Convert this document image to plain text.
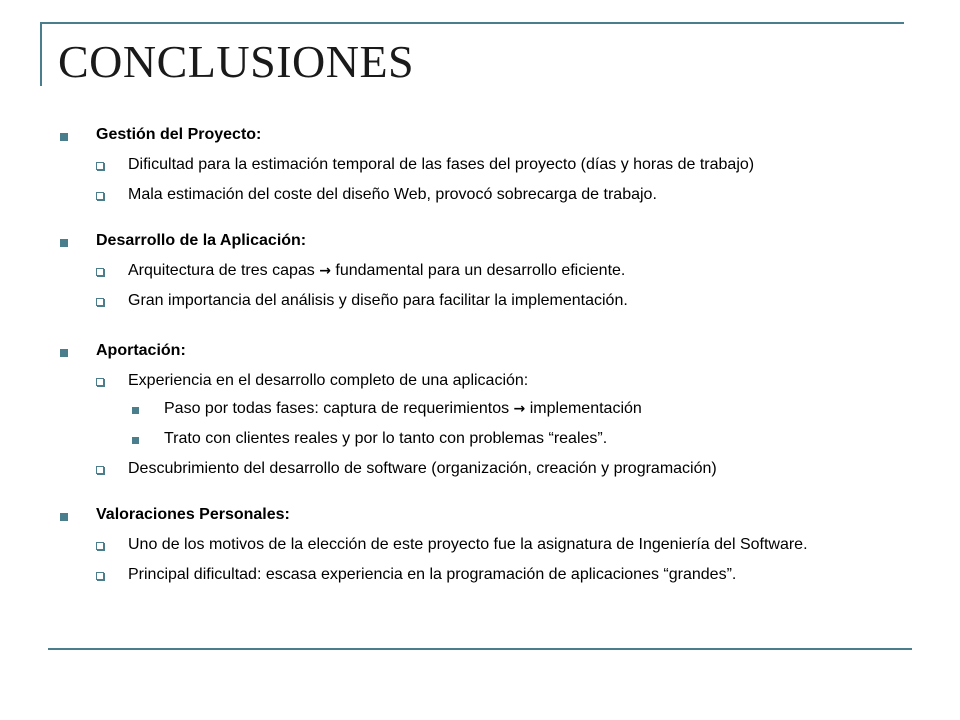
CONCLUSIONES
Gestión del Proyecto:
Dificultad para la estimación temporal de las fases del proyecto (días y horas de trabajo)
Mala estimación del coste del diseño Web, provocó sobrecarga de trabajo.
Desarrollo de la Aplicación:
Arquitectura de tres capas → fundamental para un desarrollo eficiente.
Gran importancia del análisis y diseño para facilitar la implementación.
Aportación:
Experiencia en el desarrollo completo de una aplicación:
Paso por todas fases: captura de requerimientos → implementación
Trato con clientes reales y por lo tanto con problemas “reales”.
Descubrimiento del desarrollo de software (organización, creación y programación)
Valoraciones Personales:
Uno de los motivos de la elección de este proyecto fue la asignatura de Ingeniería del Software.
Principal dificultad: escasa experiencia en la programación de aplicaciones “grandes”.
